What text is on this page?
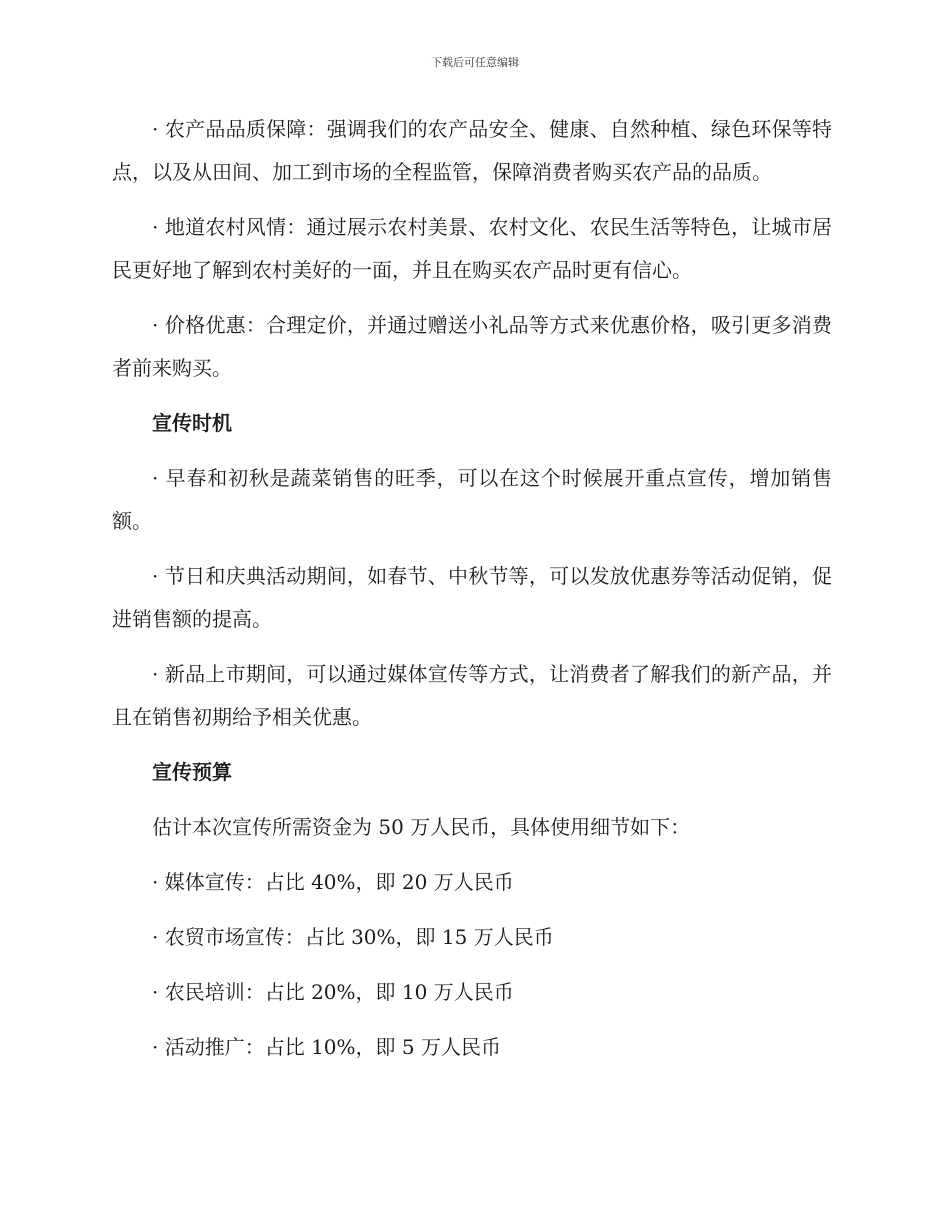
下载后可任意编辑

· 农产品品质保障：强调我们的农产品安全、健康、自然种植、绿色环保等特点，以及从田间、加工到市场的全程监管，保障消费者购买农产品的品质。

· 地道农村风情：通过展示农村美景、农村文化、农民生活等特色，让城市居民更好地了解到农村美好的一面，并且在购买农产品时更有信心。

· 价格优惠：合理定价，并通过赠送小礼品等方式来优惠价格，吸引更多消费者前来购买。

宣传时机

· 早春和初秋是蔬菜销售的旺季，可以在这个时候展开重点宣传，增加销售额。

· 节日和庆典活动期间，如春节、中秋节等，可以发放优惠券等活动促销，促进销售额的提高。

· 新品上市期间，可以通过媒体宣传等方式，让消费者了解我们的新产品，并且在销售初期给予相关优惠。

宣传预算

估计本次宣传所需资金为 50 万人民币，具体使用细节如下：

· 媒体宣传：占比 40%，即 20 万人民币

· 农贸市场宣传：占比 30%，即 15 万人民币

· 农民培训：占比 20%，即 10 万人民币

· 活动推广：占比 10%，即 5 万人民币
